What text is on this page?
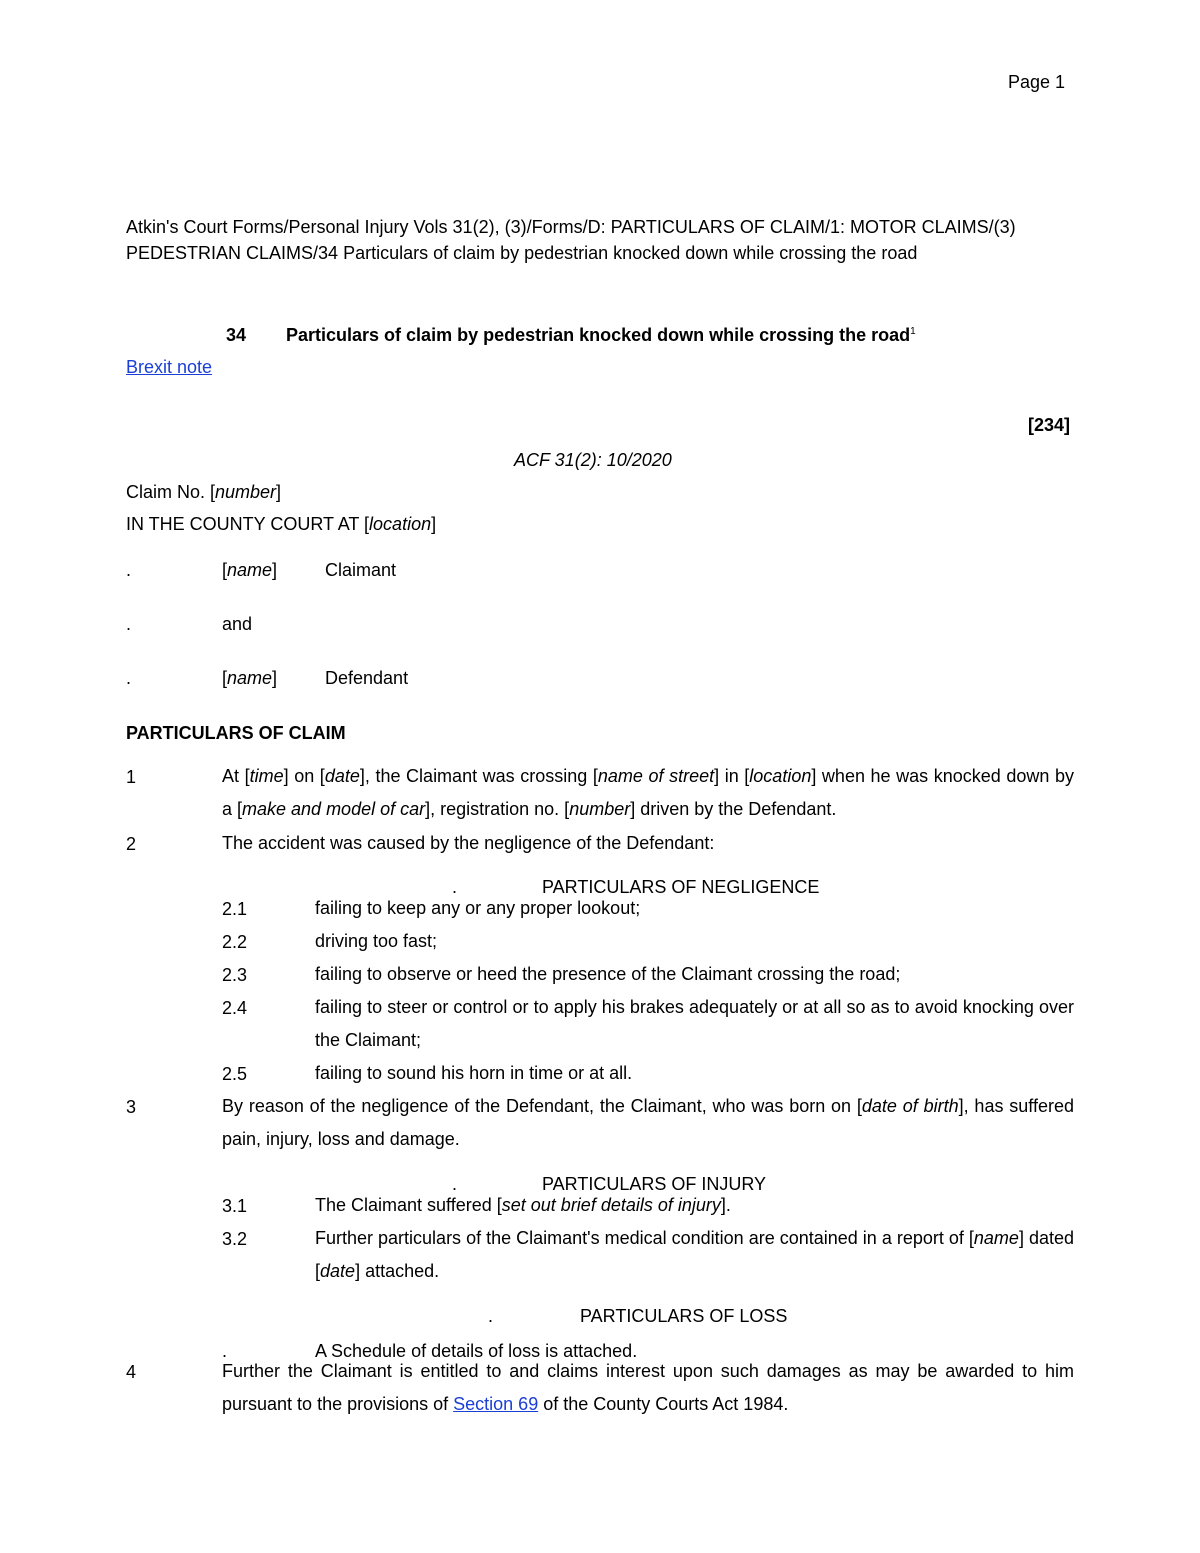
Page 1
Atkin's Court Forms/Personal Injury Vols 31(2), (3)/Forms/D: PARTICULARS OF CLAIM/1: MOTOR CLAIMS/(3) PEDESTRIAN CLAIMS/34 Particulars of claim by pedestrian knocked down while crossing the road
34 Particulars of claim by pedestrian knocked down while crossing the road$^1$
Brexit note
[234]
ACF 31(2): 10/2020
Claim No. [number]
IN THE COUNTY COURT AT [location]
.	[name]	Claimant
.	and
.	[name]	Defendant
PARTICULARS OF CLAIM
1	At [time] on [date], the Claimant was crossing [name of street] in [location] when he was knocked down by a [make and model of car], registration no. [number] driven by the Defendant.
2	The accident was caused by the negligence of the Defendant:
.	PARTICULARS OF NEGLIGENCE
2.1	failing to keep any or any proper lookout;
2.2	driving too fast;
2.3	failing to observe or heed the presence of the Claimant crossing the road;
2.4	failing to steer or control or to apply his brakes adequately or at all so as to avoid knocking over the Claimant;
2.5	failing to sound his horn in time or at all.
3	By reason of the negligence of the Defendant, the Claimant, who was born on [date of birth], has suffered pain, injury, loss and damage.
.	PARTICULARS OF INJURY
3.1	The Claimant suffered [set out brief details of injury].
3.2	Further particulars of the Claimant's medical condition are contained in a report of [name] dated [date] attached.
.	PARTICULARS OF LOSS
.	A Schedule of details of loss is attached.
4	Further the Claimant is entitled to and claims interest upon such damages as may be awarded to him pursuant to the provisions of Section 69 of the County Courts Act 1984.
